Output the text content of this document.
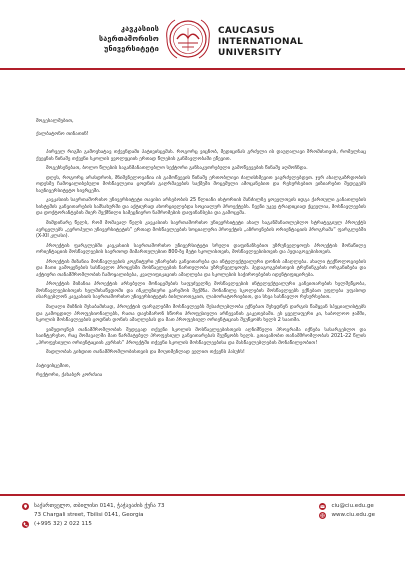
კავკასიის
საერთაშორისო
უნივერსიტეტი
CAUCASUS
INTERNATIONAL
UNIVERSITY

მოგესალმებით,

ქალბატონო თინათინ!

პირველ რიგში გამოვხატავ თქვენდამი პატივისცემას. როგორც ვიცნობ, მედიცინას გრძელი ის დაუღალავი შრომისთვის, რომელსაც ქვეყნის წინაშე თქვენი სკოლის ევოლუციის ერთად წლების განმავლობაში ეწევით.

მოგეხსენებათ, ბოლო წლების საგანმანათლებლო სექტორი განსაკუთრებული გამოწვევების წინაშე აღმოჩნდა.

დღეს, როგორც არასდროს, მნიშვნელოვანია ის გამოწვევის წინაშე ერთობლივი ძალისხმევით ვაგრძელებდეთ. ჯერ ახალგაზრდობის ოდესმე ჩამოყალიბებული მოსწავლეთა ცოდნის გაღრმავების საქმეში მოცემული ამოცანებით და რესურსებით ვიზიარებთ შედეგებს საუნივერსიტეტო სივრცეში.

კავკასიის საერთაშორისო უნივერსიტეტი თავისი არსებობის 25 წლიანი ისტორიის მანძილზე ყოველთვის იდგა ქართული განათლების სისტემის განვითარების სამსახურში და აქტიურად ახორციელებდა სოციალურ პროექტებს. ჩვენი უკვე ტრადიციად ქცეულია, მოსწავლეების და დოქტორანტების მიერ შექმნილი სამეცნიერო ნაშრომების დაფინანსება და გამოცემა.

მიმდინარე წელს, რომ მომავალ წელს კავკასიის საერთაშორისო უნივერსიტეტი ახალ საგანმანათლებლო სტრატეგიულ პროექტს ავრცელებს „ევროპული უნივერსიტეტის“ ერთად მოსწავლეების სოციალური პროექტის „აზროვნების ორიენტაციის პროგრამა“ ფარგლებში (X-XII კლასი).

პროექტის ფარგლებში კავკასიის საერთაშორისო უნივერსიტეტი სრული დაფინანსებით უზრუნველყოფს პროექტის მონაწილე ორიენტაციის მოსწავლეების საერთოდ მიმართულებით 800-ზე მეტი სკოლისთვის, მოსწავლეებისთვის და პედაგოგებისთვის.

პროექტის მიზანია მოსწავლეების კოგნიტური უნარების განვითარება და ინტელექტუალური დონის ამაღლება. ახალი ტექნოლოგიების და მათი გამოყენების სასწავლო პროცესში მოსწავლეების ჩართულობა უზრუნველყოფს. პედაგოგებისთვის ტრენინგების ორგანიზება და აქტიური თანამშრომლობის ჩამოყალიბება, კვალიფიკაციის ამაღლება და სკოლების საჭიროებების იდენტიფიცირება.

პროექტის მიზანია პროექტის არსებული მონაცემების საფუძველზე მოსწავლეების ინტელექტუალური განვითარების ხელშეწყობა, მოსწავლეებისთვის ხელმისაწვდომი და ინკლუზიური გარემოს შექმნა. მონაწილე სკოლების მოსწავლეებს ექნებათ უფლება უფასოდ ისარგებლონ კავკასიის საერთაშორისო უნივერსიტეტის ბიბლიოთეკით, ლაბორატორიებით, და სხვა სასწავლო რესურსებით.

მაღალი მიზნის შესაბამისად, პროექტის ფარგლებში მოსწავლეებს შესაძლებლობა ექნებათ შეხვდნენ დარგის წამყვან სპეციალისტებს და გამოცდილ პროფესიონალებს, რათა დაეხმარონ სწორი პროფესიული არჩევანის გაკეთებაში. ეს ყველაფერი კი, საბოლოო ჯამში, სკოლის მოსწავლეების ცოდნის დონის ამაღლებას და მათ პროფესიულ ორიენტაციას შეუწყობს ხელს 2 საათში.

ვიმედოვნებ თანამშრომლობის შედეგად თქვენი სკოლის მოსწავლეებისთვის აღნიშნული პროგრამა იქნება სასარგებლო და საინტერესო, რაც მომავალში მათ წარმატებულ პროფესიულ განვითარებას შეუწყობს ხელს. გთავაზობთ თანამშრომლობას 2021-22 წლის „პროფესიული ორიენტაციის კურსის“ პროექტში თქვენი სკოლის მოსწავლეებისა და მასწავლებლების მონაწილეობით!

მადლობას გიხდით თანამშრომლობისთვის და მოუთმენლად ველით თქვენს პასუხს!

პატივისცემით,

რექტორი, ქახაბერ კორძაია

საქართველო, თბილისი 0141, ჭაჭავაძის ქუჩა 73
73 Chargali street, Tbilisi 0141, Georgia
(+995 32) 2 022 115
ciu@ciu.edu.ge
www.ciu.edu.ge
